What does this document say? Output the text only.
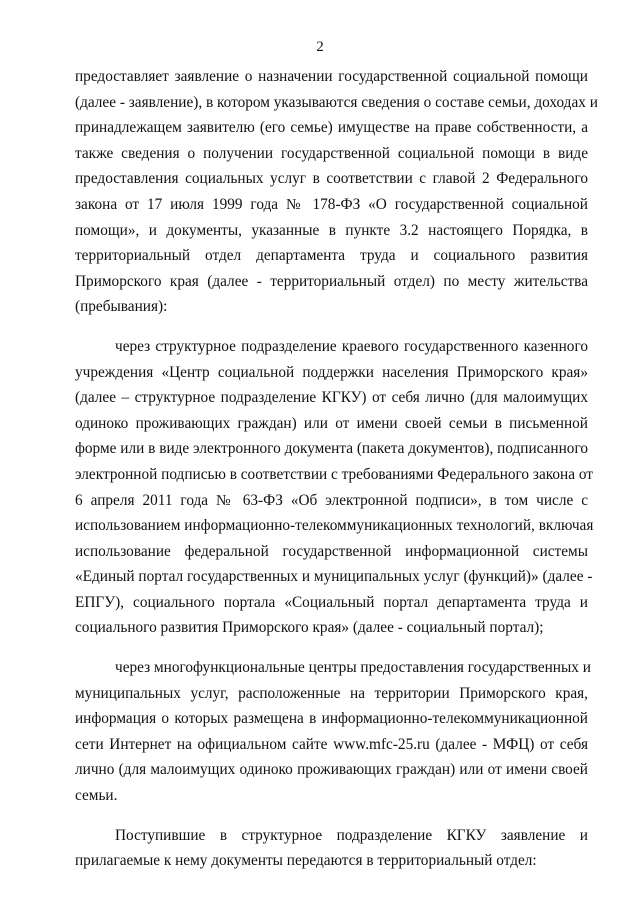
2
предоставляет заявление о назначении государственной социальной помощи
(далее - заявление), в котором указываются сведения о составе семьи, доходах и
принадлежащем заявителю (его семье) имуществе на праве собственности, а
также сведения о получении государственной социальной помощи в виде
предоставления социальных услуг в соответствии с главой 2 Федерального
закона от 17 июля 1999 года № 178-ФЗ «О государственной социальной
помощи», и документы, указанные в пункте 3.2 настоящего Порядка, в
территориальный отдел департамента труда и социального развития
Приморского края (далее - территориальный отдел) по месту жительства
(пребывания):
через структурное подразделение краевого государственного казенного
учреждения «Центр социальной поддержки населения Приморского края»
(далее – структурное подразделение КГКУ) от себя лично (для малоимущих
одиноко проживающих граждан) или от имени своей семьи в письменной
форме или в виде электронного документа (пакета документов), подписанного
электронной подписью в соответствии с требованиями Федерального закона от
6 апреля 2011 года № 63-ФЗ «Об электронной подписи», в том числе с
использованием информационно-телекоммуникационных технологий, включая
использование федеральной государственной информационной системы
«Единый портал государственных и муниципальных услуг (функций)» (далее -
ЕПГУ), социального портала «Социальный портал департамента труда и
социального развития Приморского края» (далее - социальный портал);
через многофункциональные центры предоставления государственных и
муниципальных услуг, расположенные на территории Приморского края,
информация о которых размещена в информационно-телекоммуникационной
сети Интернет на официальном сайте www.mfc-25.ru (далее - МФЦ) от себя
лично (для малоимущих одиноко проживающих граждан) или от имени своей
семьи.
Поступившие в структурное подразделение КГКУ заявление и
прилагаемые к нему документы передаются в территориальный отдел:
